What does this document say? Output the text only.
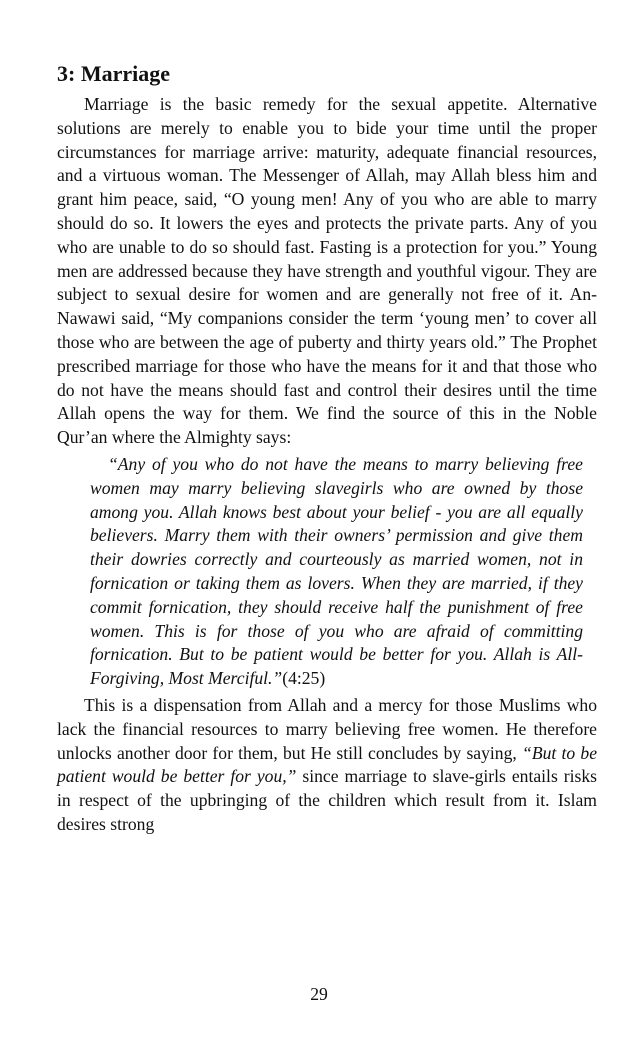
3: Marriage

Marriage is the basic remedy for the sexual appetite. Alternative solutions are merely to enable you to bide your time until the proper circumstances for marriage arrive: maturity, adequate financial resources, and a virtuous woman. The Messenger of Allah, may Allah bless him and grant him peace, said, “O young men! Any of you who are able to marry should do so. It lowers the eyes and protects the private parts. Any of you who are unable to do so should fast. Fasting is a protection for you.” Young men are addressed because they have strength and youthful vigour. They are subject to sexual desire for women and are generally not free of it. An-Nawawi said, “My companions consider the term ‘young men’ to cover all those who are between the age of puberty and thirty years old.” The Prophet prescribed marriage for those who have the means for it and that those who do not have the means should fast and control their desires until the time Allah opens the way for them. We find the source of this in the Noble Qur’an where the Almighty says:

“Any of you who do not have the means to marry believing free women may marry believing slavegirls who are owned by those among you. Allah knows best about your belief - you are all equally believers. Marry them with their owners’ permission and give them their dowries correctly and courteously as married women, not in fornication or taking them as lovers. When they are married, if they commit fornication, they should receive half the punishment of free women. This is for those of you who are afraid of committing fornication. But to be patient would be better for you. Allah is All-Forgiving, Most Merciful.”(4:25)

This is a dispensation from Allah and a mercy for those Muslims who lack the financial resources to marry believing free women. He therefore unlocks another door for them, but He still concludes by saying, “But to be patient would be better for you,” since marriage to slave-girls entails risks in respect of the upbringing of the children which result from it. Islam desires strong

29
